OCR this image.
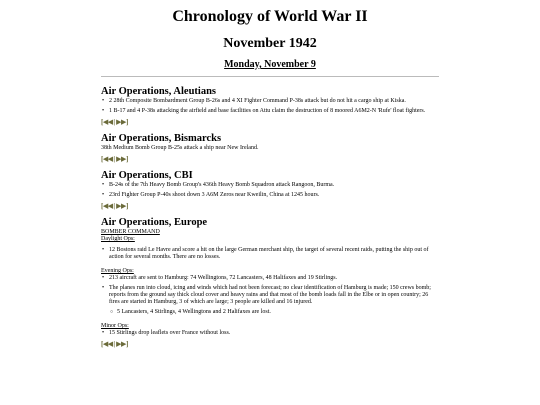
Chronology of World War II
November 1942
Monday, November 9
Air Operations, Aleutians
• 2 28th Composite Bombardment Group B-26s and 4 XI Fighter Command P-38s attack but do not hit a cargo ship at Kiska.
• 1 B-17 and 4 P-38s attacking the airfield and base facilities on Attu claim the destruction of 8 moored A6M2-N 'Rufe' float fighters.
[◀◀ | ▶▶]
Air Operations, Bismarcks
38th Medium Bomb Group B-25s attack a ship near New Ireland.
[◀◀ | ▶▶]
Air Operations, CBI
• B-24s of the 7th Heavy Bomb Group's 436th Heavy Bomb Squadron attack Rangoon, Burma.
• 23rd Fighter Group P-40s shoot down 3 A6M Zeros near Kweilin, China at 1245 hours.
[◀◀ | ▶▶]
Air Operations, Europe
BOMBER COMMAND
Daylight Ops:
• 12 Bostons raid Le Havre and score a hit on the large German merchant ship, the target of several recent raids, putting the ship out of action for several months. There are no losses.
Evening Ops:
• 213 aircraft are sent to Hamburg: 74 Wellingtons, 72 Lancasters, 48 Halifaxes and 19 Stirlings.
• The planes run into cloud, icing and winds which had not been forecast; no clear identification of Hamburg is made; 150 crews bomb; reports from the ground say thick cloud cover and heavy rains and that most of the bomb loads fall in the Elbe or in open country; 26 fires are started in Hamburg, 3 of which are large; 3 people are killed and 16 injured.
○ 5 Lancasters, 4 Stirlings, 4 Wellingtons and 2 Halifaxes are lost.
Minor Ops:
• 15 Stirlings drop leaflets over France without loss.
[◀◀ | ▶▶]
